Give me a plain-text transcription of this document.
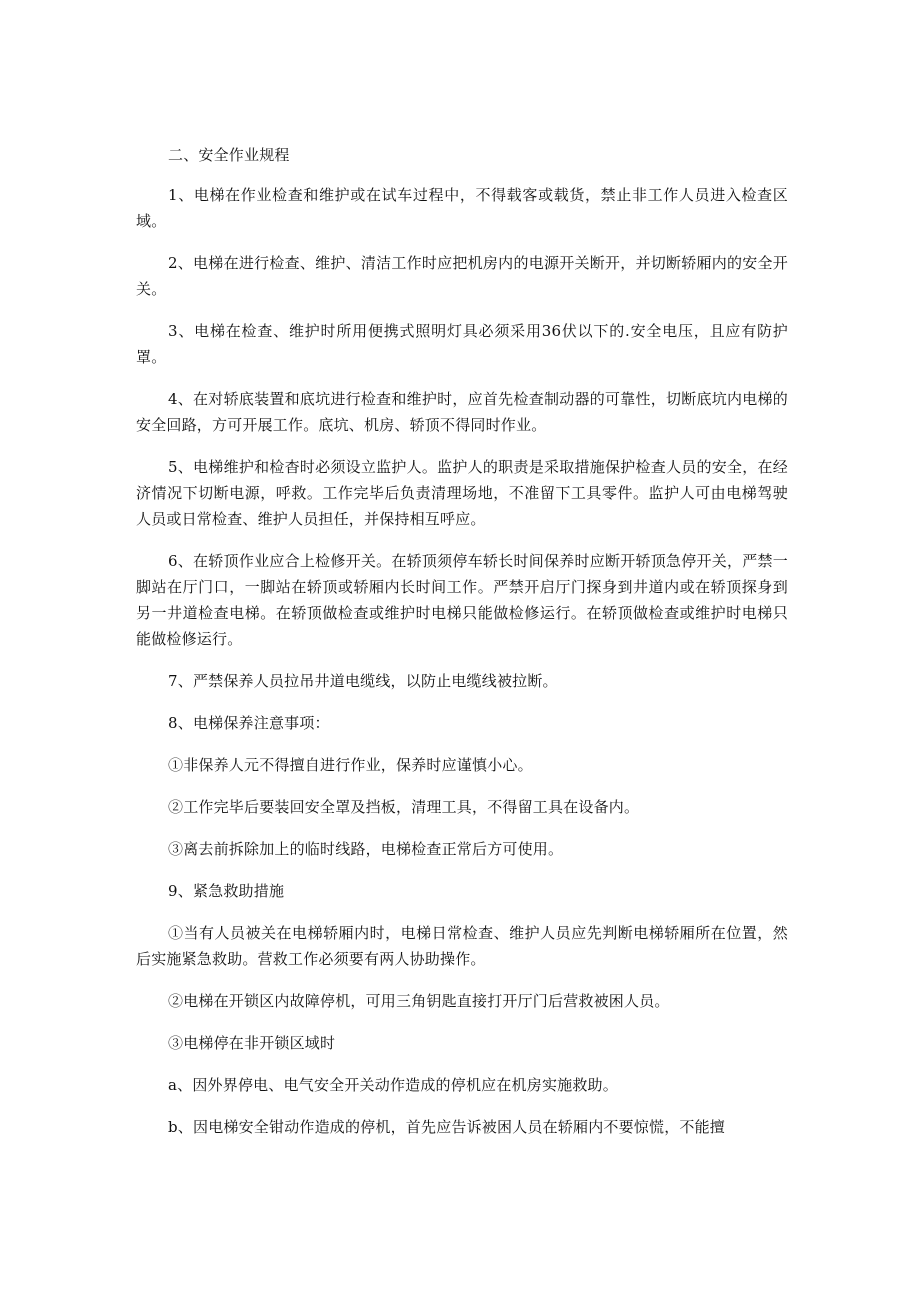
二、安全作业规程

1、电梯在作业检查和维护或在试车过程中，不得载客或载货，禁止非工作人员进入检查区域。

2、电梯在进行检查、维护、清洁工作时应把机房内的电源开关断开，并切断轿厢内的安全开关。

3、电梯在检查、维护时所用便携式照明灯具必须采用36伏以下的.安全电压，且应有防护罩。

4、在对轿底装置和底坑进行检查和维护时，应首先检查制动器的可靠性，切断底坑内电梯的安全回路，方可开展工作。底坑、机房、轿顶不得同时作业。

5、电梯维护和检杳时必须设立监护人。监护人的职责是采取措施保护检查人员的安全，在经济情况下切断电源，呼救。工作完毕后负责清理场地，不准留下工具零件。监护人可由电梯驾驶人员或日常检查、维护人员担任，并保持相互呼应。

6、在轿顶作业应合上检修开关。在轿顶须停车轿长时间保养时应断开轿顶急停开关，严禁一脚站在厅门口，一脚站在轿顶或轿厢内长时间工作。严禁开启厅门探身到井道内或在轿顶探身到另一井道检查电梯。在轿顶做检查或维护时电梯只能做检修运行。在轿顶做检查或维护时电梯只能做检修运行。

7、严禁保养人员拉吊井道电缆线，以防止电缆线被拉断。

8、电梯保养注意事项：

①非保养人元不得擅自进行作业，保养时应谨慎小心。

②工作完毕后要装回安全罩及挡板，清理工具，不得留工具在设备内。

③离去前拆除加上的临时线路，电梯检查正常后方可使用。

9、紧急救助措施

①当有人员被关在电梯轿厢内时，电梯日常检查、维护人员应先判断电梯轿厢所在位置，然后实施紧急救助。营救工作必须要有两人协助操作。

②电梯在开锁区内故障停机，可用三角钥匙直接打开厅门后营救被困人员。

③电梯停在非开锁区域时

a、因外界停电、电气安全开关动作造成的停机应在机房实施救助。

b、因电梯安全钳动作造成的停机，首先应告诉被困人员在轿厢内不要惊慌，不能擅
